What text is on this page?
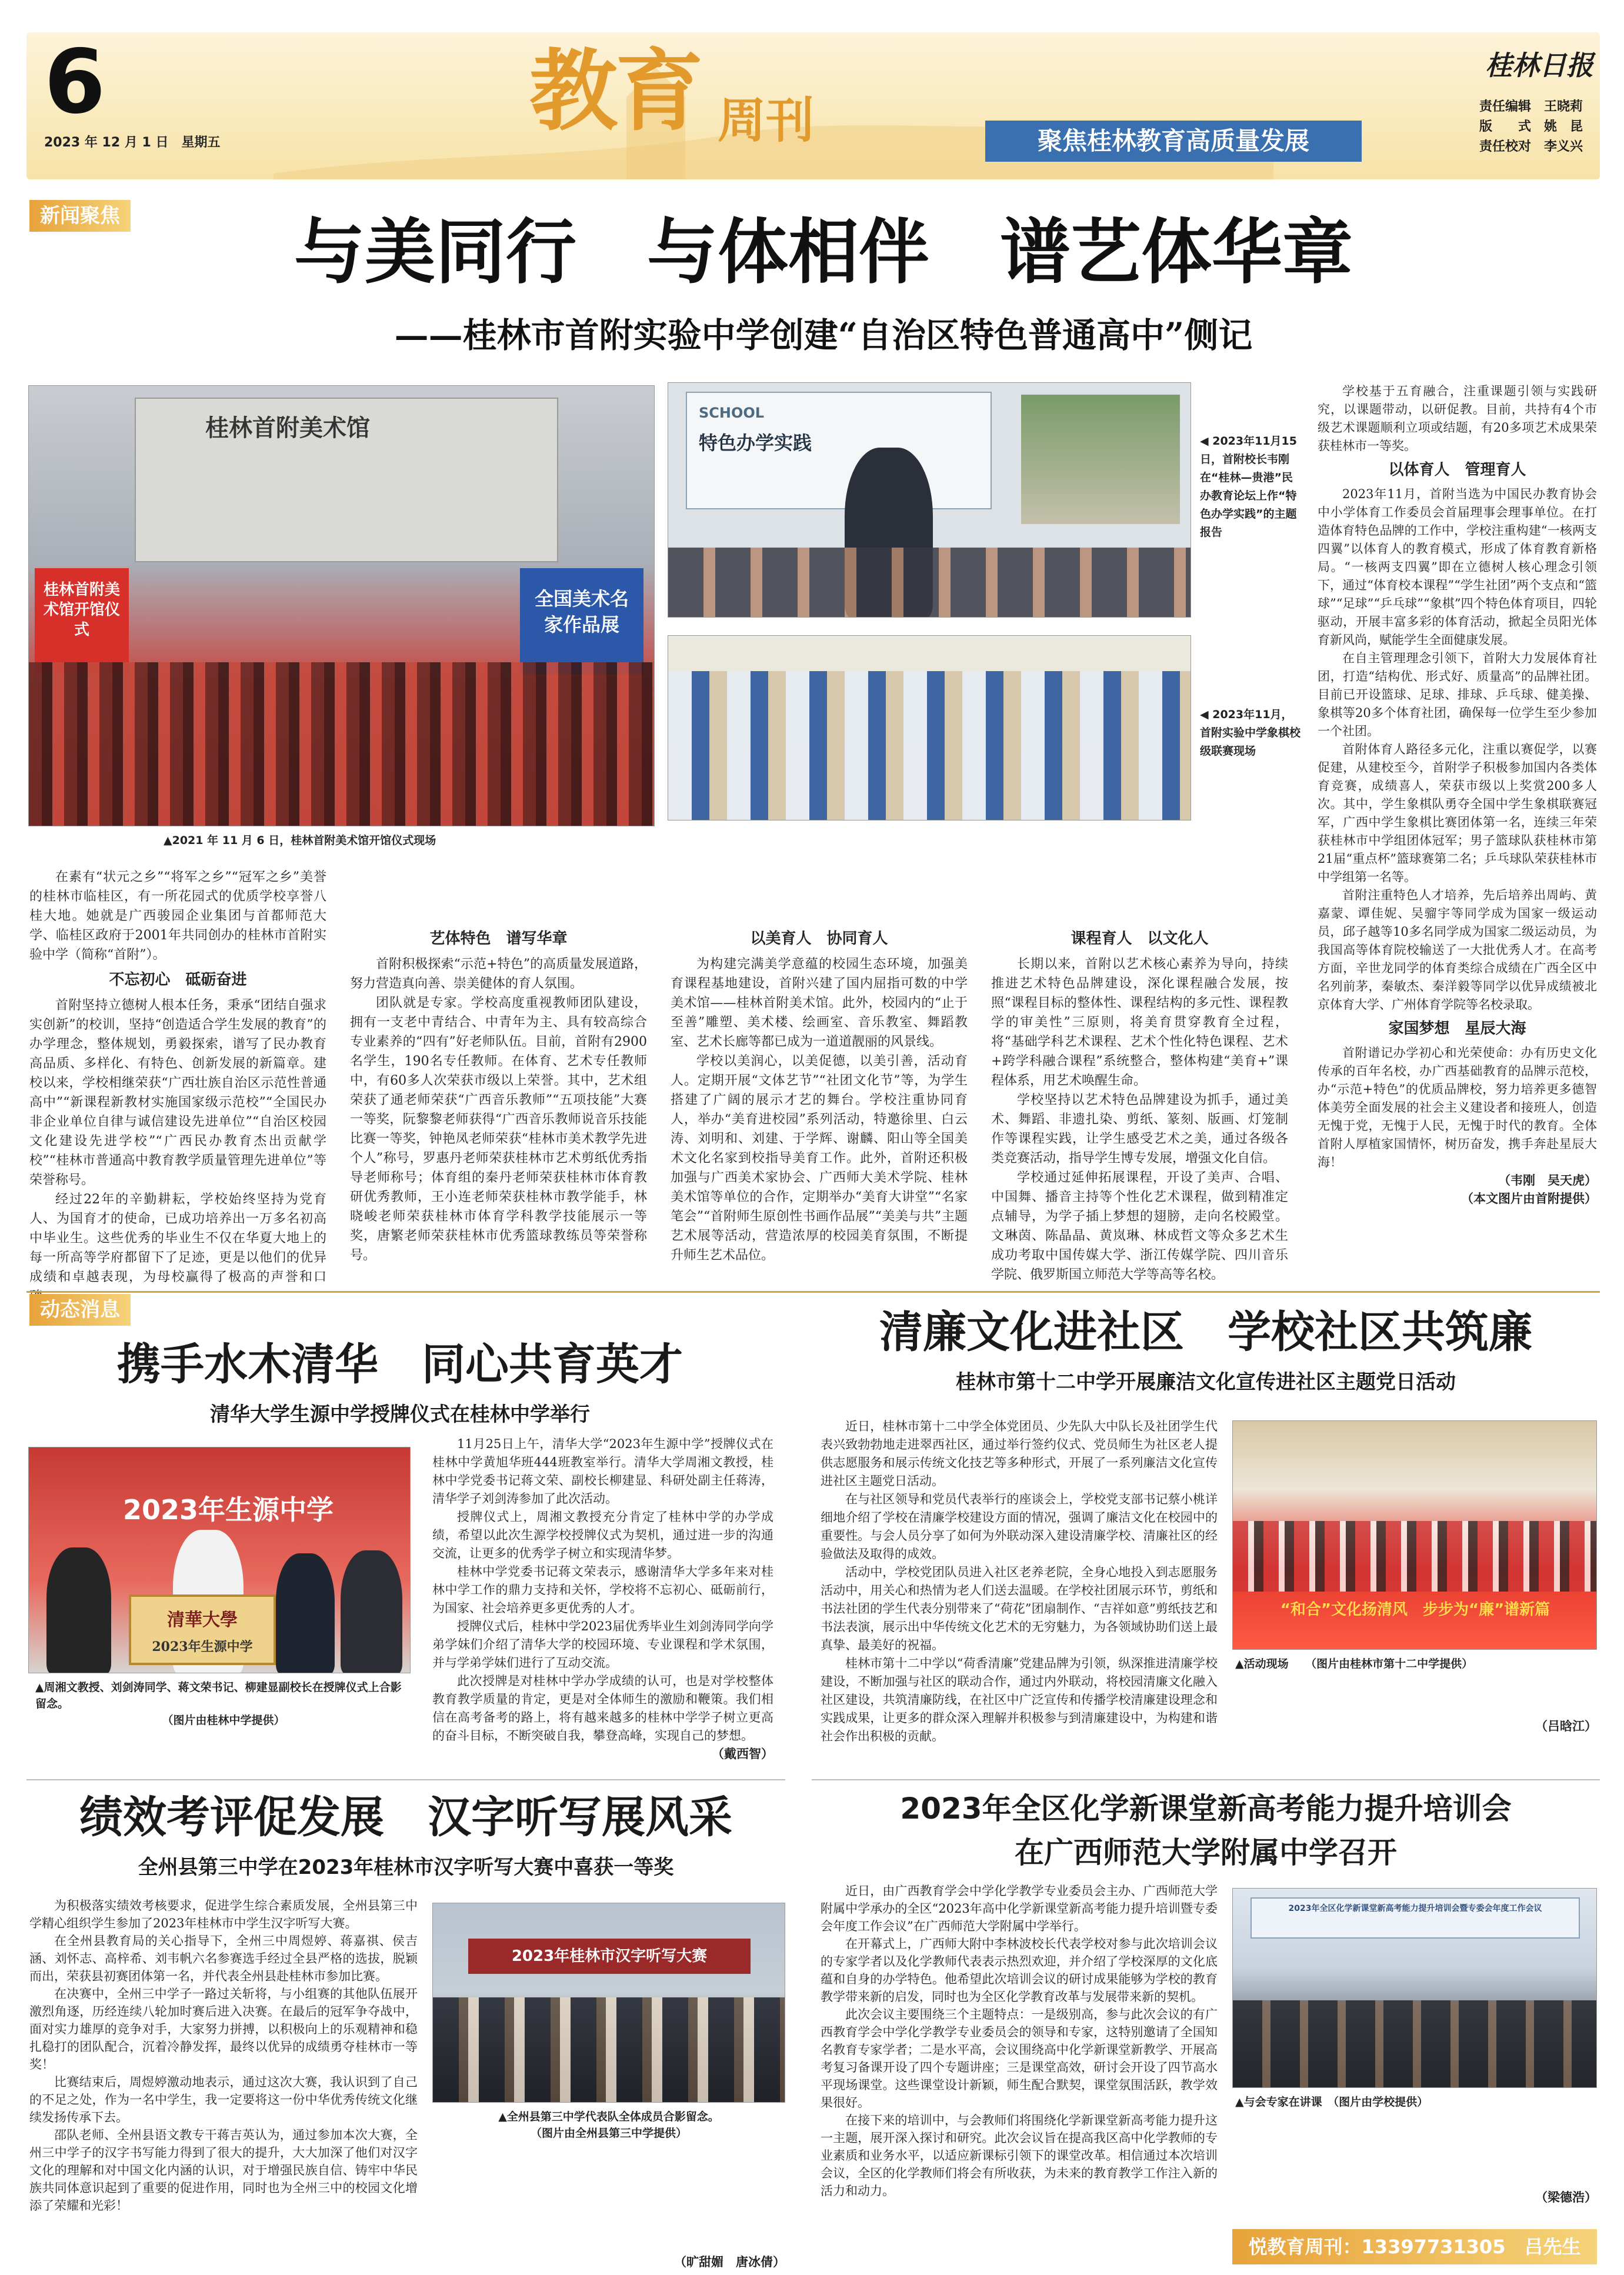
6
2023 年 12 月 1 日　星期五	教育 周刊	聚焦桂林教育高质量发展
桂林日报
责任编辑　 王晓莉
版　　式　 姚　昆
责任校对　 李义兴
新闻聚焦	与美同行　与体相伴　谱艺体华章
——桂林市首附实验中学创建“自治区特色普通高中”侧记
桂林首附美术馆
桂林首附美术馆开馆仪式
全国美术名家作品展
▲2021 年 11 月 6 日，桂林首附美术馆开馆仪式现场
SCHOOL
特色办学实践	◀ 2023年11月15日，首附校长韦刚在“桂林—贵港”民办教育论坛上作“特色办学实践”的主题报告
◀ 2023年11月，首附实验中学象棋校级联赛现场

在素有“状元之乡”“将军之乡”“冠军之乡”美誉的桂林市临桂区，有一所花园式的优质学校享誉八桂大地。她就是广西骏园企业集团与首都师范大学、临桂区政府于2001年共同创办的桂林市首附实验中学（简称“首附”）。

不忘初心　砥砺奋进

首附坚持立德树人根本任务，秉承“团结自强求实创新”的校训，坚持“创造适合学生发展的教育”的办学理念，整体规划，勇毅探索，谱写了民办教育高品质、多样化、有特色、创新发展的新篇章。建校以来，学校相继荣获“广西壮族自治区示范性普通高中”“新课程新教材实施国家级示范校”“全国民办非企业单位自律与诚信建设先进单位”“自治区校园文化建设先进学校”“广西民办教育杰出贡献学校”“桂林市普通高中教育教学质量管理先进单位”等荣誉称号。

经过22年的辛勤耕耘，学校始终坚持为党育人、为国育才的使命，已成功培养出一万多名初高中毕业生。这些优秀的毕业生不仅在华夏大地上的每一所高等学府都留下了足迹，更是以他们的优异成绩和卓越表现，为母校赢得了极高的声誉和口

艺体特色　谱写华章

首附积极探索“示范+特色”的高质量发展道路，努力营造真向善、崇美健体的育人氛围。

团队就是专家。学校高度重视教师团队建设，拥有一支老中青结合、中青年为主、具有较高综合专业素养的“四有”好老师队伍。目前，首附有2900名学生，190名专任教师。在体育、艺术专任教师中，有60多人次荣获市级以上荣誉。其中，艺术组荣获了通老师荣获“广西音乐教师”“五项技能”大赛一等奖，阮黎黎老师获得“广西音乐教师说音乐技能比赛一等奖，钟艳凤老师荣获“桂林市美术教学先进个人”称号，罗惠丹老师荣获桂林市艺术剪纸优秀指导老师称号；体育组的秦丹老师荣获桂林市体育教研优秀教师，王小连老师荣获桂林市教学能手，林晓峻老师荣获桂林市体育学科教学技能展示一等奖，唐繁老师荣获桂林市优秀篮球教练员等荣誉称号。

以美育人　协同育人

为构建完满美学意蕴的校园生态环境，加强美育课程基地建设，首附兴建了国内屈指可数的中学美术馆——桂林首附美术馆。此外，校园内的“止于至善”雕塑、美术楼、绘画室、音乐教室、舞蹈教室、艺术长廊等都已成为一道道靓丽的风景线。

学校以美润心，以美促德，以美引善，活动育人。定期开展“文体艺节”“社团文化节”等，为学生搭建了广阔的展示才艺的舞台。学校注重协同育人，举办“美育进校园”系列活动，特邀徐里、白云涛、刘明和、刘建、于学辉、谢麟、阳山等全国美术文化名家到校指导美育工作。此外，首附还积极加强与广西美术家协会、广西师大美术学院、桂林美术馆等单位的合作，定期举办“美育大讲堂”“名家笔会”“首附师生原创性书画作品展”“美美与共”主题艺术展等活动，营造浓厚的校园美育氛围，不断提升师生艺术品位。

课程育人　以文化人

长期以来，首附以艺术核心素养为导向，持续推进艺术特色品牌建设，深化课程融合发展，按照“课程目标的整体性、课程结构的多元性、课程教学的审美性”三原则，将美育贯穿教育全过程，将“基础学科艺术课程、艺术个性化特色课程、艺术+跨学科融合课程”系统整合，整体构建“美育+”课程体系，用艺术唤醒生命。

学校坚持以艺术特色品牌建设为抓手，通过美术、舞蹈、非遗扎染、剪纸、篆刻、版画、灯笼制作等课程实践，让学生感受艺术之美，通过各级各类竞赛活动，指导学生博专发展，增强文化自信。

学校通过延伸拓展课程，开设了美声、合唱、中国舞、播音主持等个性化艺术课程，做到精准定点辅导，为学子插上梦想的翅膀，走向名校殿堂。文琳茵、陈晶晶、黄岚琳、林成哲文等众多艺术生成功考取中国传媒大学、浙江传媒学院、四川音乐学院、俄罗斯国立师范大学等高等名校。

学校基于五育融合，注重课题引领与实践研究，以课题带动，以研促教。目前，共持有4个市级艺术课题顺利立项或结题，有20多项艺术成果荣获桂林市一等奖。

以体育人　管理育人

2023年11月，首附当选为中国民办教育协会中小学体育工作委员会首届理事会理事单位。在打造体育特色品牌的工作中，学校注重构建“一核两支四翼”以体育人的教育模式，形成了体育教育新格局。“一核两支四翼”即在立德树人核心理念引领下，通过“体育校本课程”“学生社团”两个支点和“篮球”“足球”“乒乓球”“象棋”四个特色体育项目，四轮驱动，开展丰富多彩的体育活动，掀起全员阳光体育新风尚，赋能学生全面健康发展。

在自主管理理念引领下，首附大力发展体育社团，打造“结构优、形式好、质量高”的品牌社团。目前已开设篮球、足球、排球、乒乓球、健美操、象棋等20多个体育社团，确保每一位学生至少参加一个社团。

首附体育人路径多元化，注重以赛促学，以赛促建，从建校至今，首附学子积极参加国内各类体育竞赛，成绩喜人，荣获市级以上奖赏200多人次。其中，学生象棋队勇夺全国中学生象棋联赛冠军，广西中学生象棋比赛团体第一名，连续三年荣获桂林市中学组团体冠军；男子篮球队获桂林市第21届“重点杯”篮球赛第二名；乒乓球队荣获桂林市中学组第一名等。

首附注重特色人才培养，先后培养出周屿、黄嘉蒙、谭佳妮、吴骝宇等同学成为国家一级运动员，邱子越等10多名同学成为国家二级运动员，为我国高等体育院校输送了一大批优秀人才。在高考方面，辛世龙同学的体育类综合成绩在广西全区中名列前茅，秦敏杰、秦洋毅等同学以优异成绩被北京体育大学、广州体育学院等名校录取。

家国梦想　星辰大海

首附谱记办学初心和光荣使命：办有历史文化传承的百年名校，办广西基础教育的品牌示范校，办“示范+特色”的优质品牌校，努力培养更多德智体美劳全面发展的社会主义建设者和接班人，创造无愧于党，无愧于人民，无愧于时代的教育。全体首附人厚植家国情怀，树历奋发，携手奔赴星辰大海！

（韦刚　吴天虎）
（本文图片由首附提供）
动态消息
携手水木清华　同心共育英才
清华大学生源中学授牌仪式在桂林中学举行
2023年生源中学
清華大學
2023年生源中学
▲周湘文教授、刘剑涛同学、蒋文荣书记、柳建显副校长在授牌仪式上合影留念。
（图片由桂林中学提供）

11月25日上午，清华大学“2023年生源中学”授牌仪式在桂林中学黄旭华班444班教室举行。清华大学周湘文教授，桂林中学党委书记蒋文荣、副校长柳建显、科研处副主任蒋涛，清华学子刘剑涛参加了此次活动。

授牌仪式上，周湘文教授充分肯定了桂林中学的办学成绩，希望以此次生源学校授牌仪式为契机，通过进一步的沟通交流，让更多的优秀学子树立和实现清华梦。

桂林中学党委书记蒋文荣表示，感谢清华大学多年来对桂林中学工作的鼎力支持和关怀，学校将不忘初心、砥砺前行，为国家、社会培养更多更优秀的人才。

授牌仪式后，桂林中学2023届优秀毕业生刘剑涛同学向学弟学妹们介绍了清华大学的校园环境、专业课程和学术氛围，并与学弟学妹们进行了互动交流。

此次授牌是对桂林中学办学成绩的认可，也是对学校整体教育教学质量的肯定，更是对全体师生的激励和鞭策。我们相信在高考备考的路上，将有越来越多的桂林中学学子树立更高的奋斗目标，不断突破自我，攀登高峰，实现自己的梦想。

（戴西智）
清廉文化进社区　学校社区共筑廉
桂林市第十二中学开展廉洁文化宣传进社区主题党日活动

近日，桂林市第十二中学全体党团员、少先队大中队长及社团学生代表兴致勃勃地走进翠西社区，通过举行签约仪式、党员师生为社区老人提供志愿服务和展示传统文化技艺等多种形式，开展了一系列廉洁文化宣传进社区主题党日活动。

在与社区领导和党员代表举行的座谈会上，学校党支部书记蔡小桃详细地介绍了学校在清廉学校建设方面的情况，强调了廉洁文化在校园中的重要性。与会人员分享了如何为外联动深入建设清廉学校、清廉社区的经验做法及取得的成效。

活动中，学校党团队员进入社区老养老院，全身心地投入到志愿服务活动中，用关心和热情为老人们送去温暖。在学校社团展示环节，剪纸和书法社团的学生代表分别带来了“荷花”团扇制作、“吉祥如意”剪纸技艺和书法表演，展示出中华传统文化艺术的无穷魅力，为各领域协助们送上最真挚、最美好的祝福。

桂林市第十二中学以“荷香清廉”党建品牌为引领，纵深推进清廉学校建设，不断加强与社区的联动合作，通过内外联动，将校园清廉文化融入社区建设，共筑清廉防线，在社区中广泛宣传和传播学校清廉建设理念和实践成果，让更多的群众深入理解并积极参与到清廉建设中，为构建和谐社会作出积极的贡献。

“和合”文化扬清风　步步为“廉”谱新篇
▲活动现场　　 （图片由桂林市第十二中学提供）
（吕晗江）
绩效考评促发展　汉字听写展风采
全州县第三中学在2023年桂林市汉字听写大赛中喜获一等奖

为积极落实绩效考核要求，促进学生综合素质发展，全州县第三中学精心组织学生参加了2023年桂林市中学生汉字听写大赛。

在全州县教育局的关心指导下，全州三中周煜婷、蒋嘉祺、侯吉涵、刘怀志、高梓希、刘韦帆六名参赛选手经过全县严格的选拔，脱颖而出，荣获县初赛团体第一名，并代表全州县赴桂林市参加比赛。

在决赛中，全州三中学子一路过关斩将，与小组赛的其他队伍展开激烈角逐，历经连续八轮加时赛后进入决赛。在最后的冠军争夺战中，面对实力雄厚的竞争对手，大家努力拼搏，以积极向上的乐观精神和稳扎稳打的团队配合，沉着冷静发挥，最终以优异的成绩勇夺桂林市一等奖！

比赛结束后，周煜婷激动地表示，通过这次大赛，我认识到了自己的不足之处，作为一名中学生，我一定要将这一份中华优秀传统文化继续发扬传承下去。

邵队老师、全州县语文教专干蒋吉英认为，通过参加本次大赛，全州三中学子的汉字书写能力得到了很大的提升，大大加深了他们对汉字文化的理解和对中国文化内涵的认识，对于增强民族自信、铸牢中华民族共同体意识起到了重要的促进作用，同时也为全州三中的校园文化增添了荣耀和光彩！

2023年桂林市汉字听写大赛
▲全州县第三中学代表队全体成员合影留念。
（图片由全州县第三中学提供）
（旷甜媚　唐冰倩）
2023年全区化学新课堂新高考能力提升培训会
在广西师范大学附属中学召开

近日，由广西教育学会中学化学教学专业委员会主办、广西师范大学附属中学承办的全区“2023年高中化学新课堂新高考能力提升培训暨专委会年度工作会议”在广西师范大学附属中学举行。

在开幕式上，广西师大附中李林波校长代表学校对参与此次培训会议的专家学者以及化学教师代表表示热烈欢迎，并介绍了学校深厚的文化底蕴和自身的办学特色。他希望此次培训会议的研讨成果能够为学校的教育教学带来新的启发，同时也为全区化学教育改革与发展带来新的契机。

此次会议主要围绕三个主题特点：一是级别高，参与此次会议的有广西教育学会中学化学教学专业委员会的领导和专家，这特别邀请了全国知名教育专家学者；二是水平高，会议围绕高中化学新课堂新教学、开展高考复习备课开设了四个专题讲座；三是课堂高效，研讨会开设了四节高水平现场课堂。这些课堂设计新颖，师生配合默契，课堂氛围活跃，教学效果很好。

在接下来的培训中，与会教师们将围绕化学新课堂新高考能力提升这一主题，展开深入探讨和研究。此次会议旨在提高我区高中化学教师的专业素质和业务水平，以适应新课标引领下的课堂改革。相信通过本次培训会议，全区的化学教师们将会有所收获，为未来的教育教学工作注入新的活力和动力。

2023年全区化学新课堂新高考能力提升培训会暨专委会年度工作会议
▲与会专家在讲课　 （图片由学校提供）
（梁德浩）
悦教育周刊：13397731305　吕先生
